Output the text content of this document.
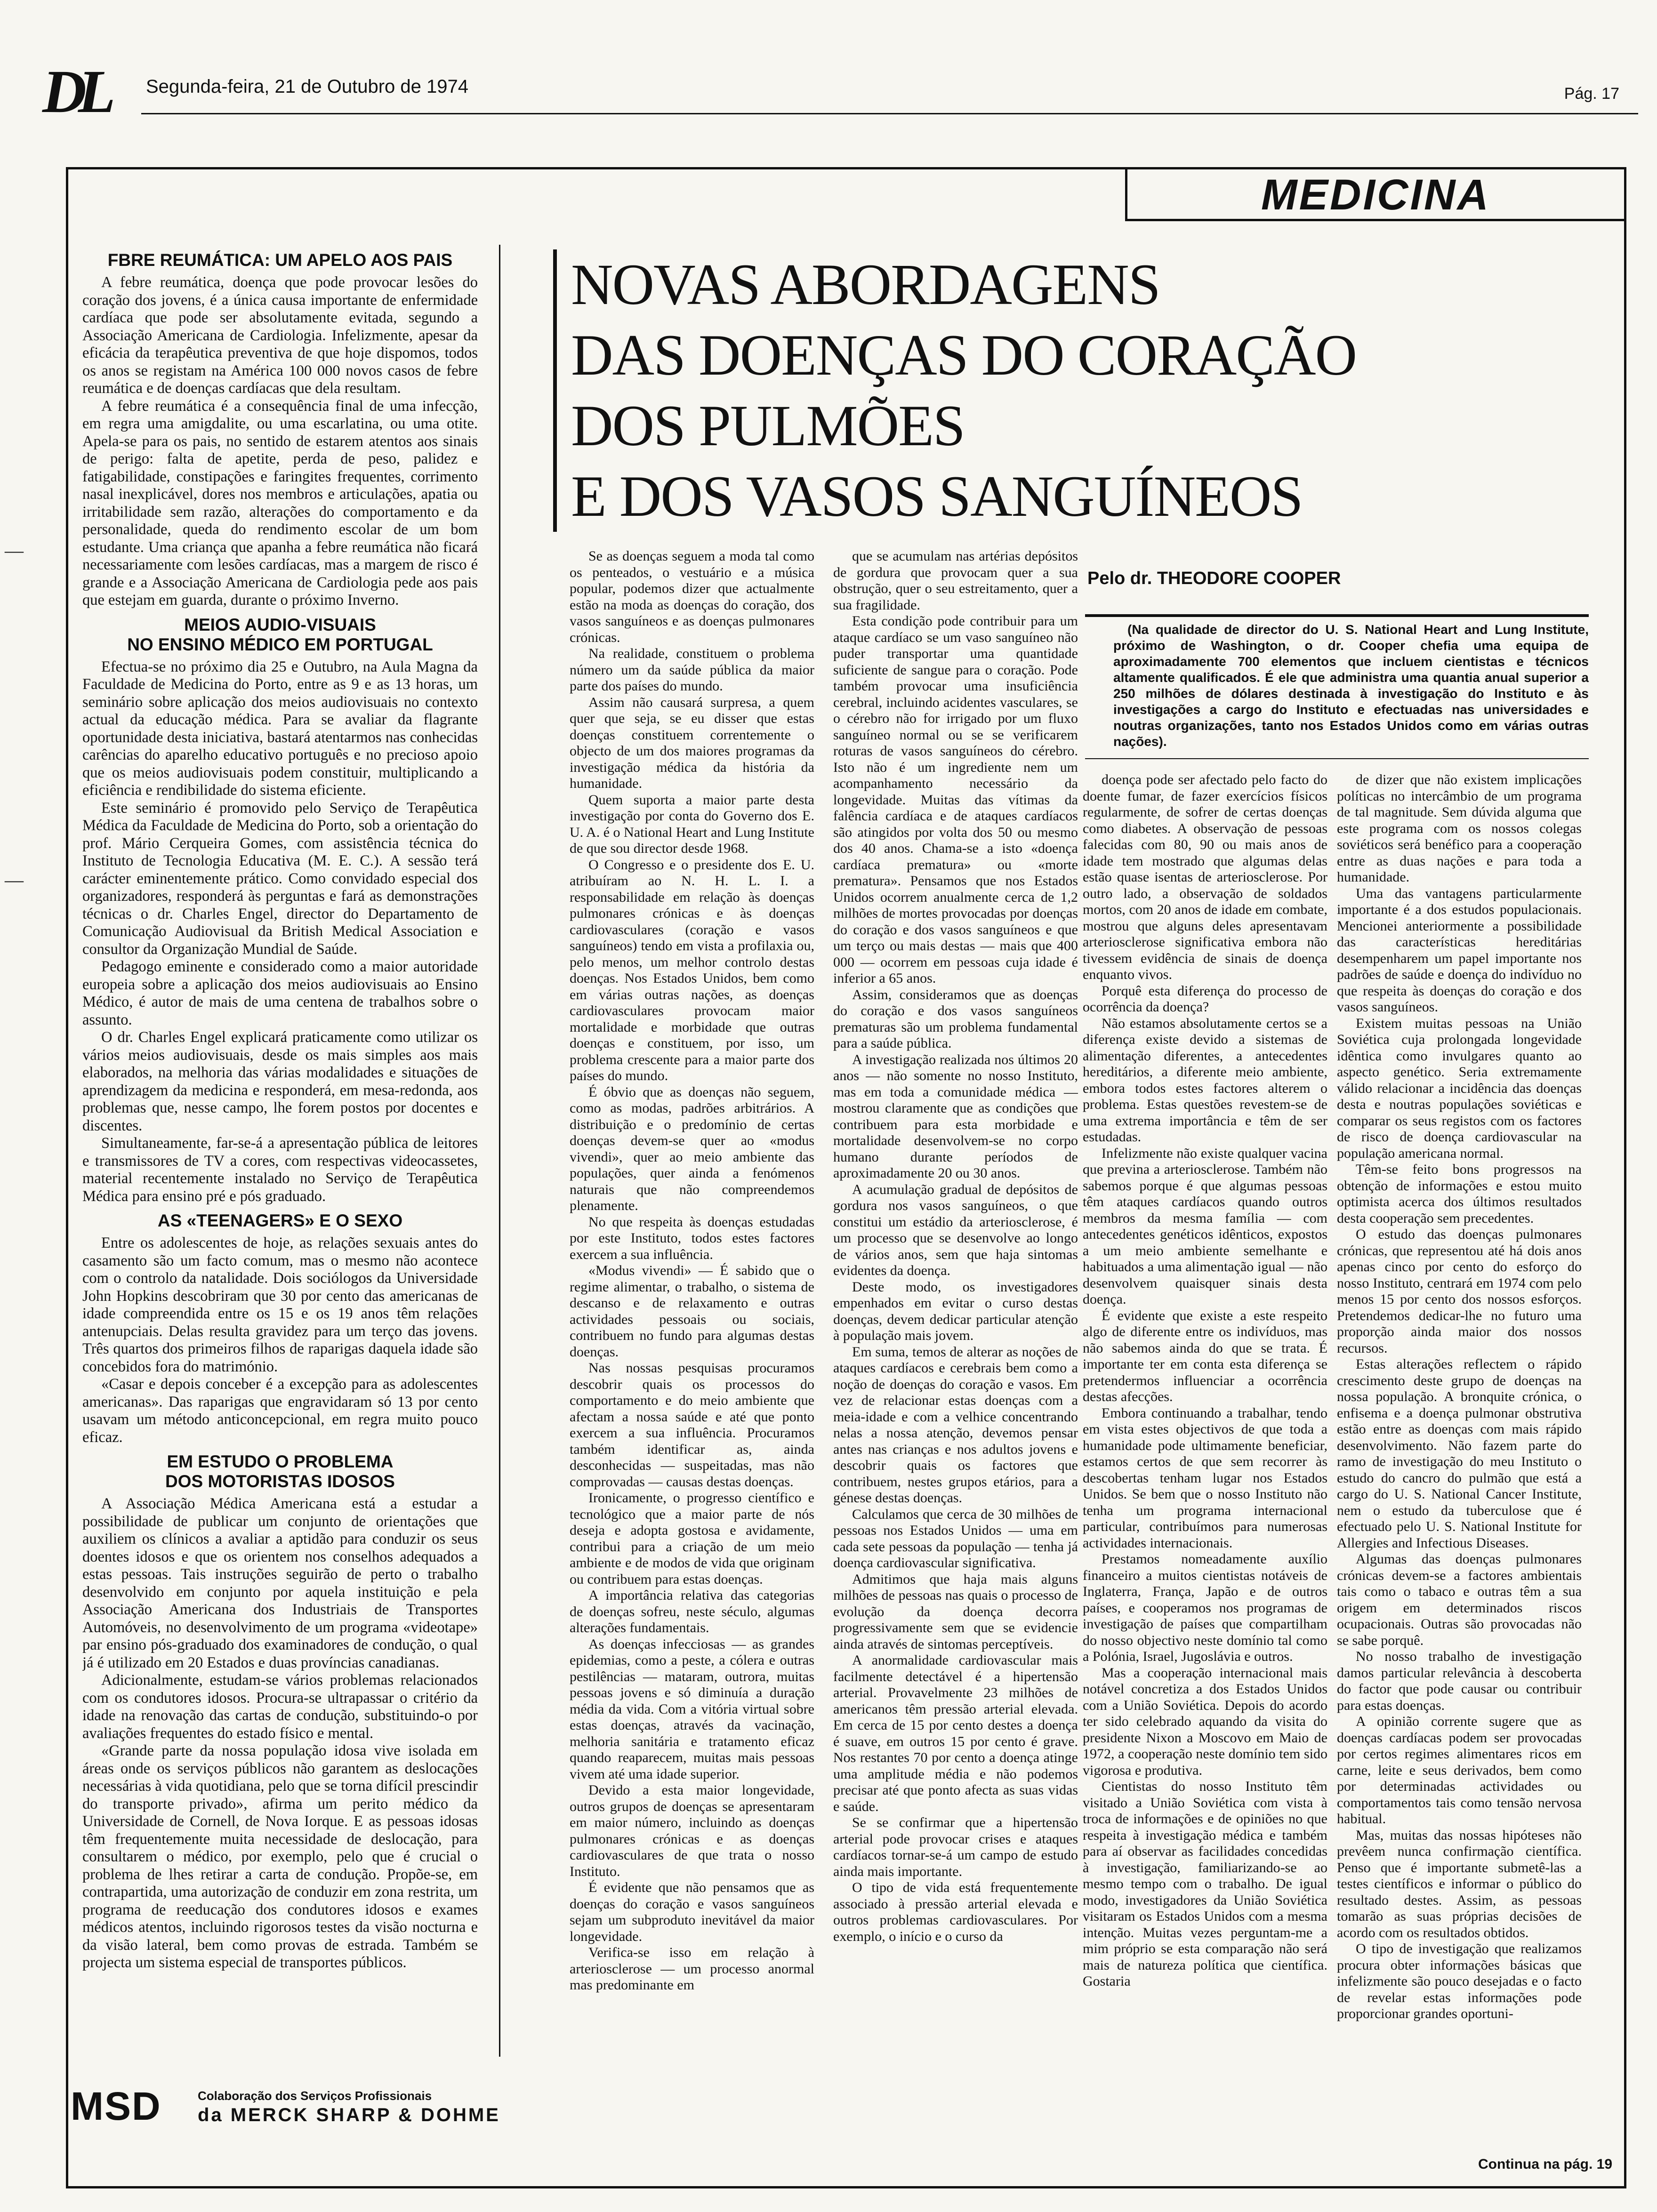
DL Segunda-feira, 21 de Outubro de 1974	Pág. 17
—
—
MEDICINA
FBRE REUMÁTICA: UM APELO AOS PAIS

A febre reumática, doença que pode provocar lesões do coração dos jovens, é a única causa importante de enfermidade cardíaca que pode ser absolutamente evitada, segundo a Associação Americana de Cardiologia. Infelizmente, apesar da eficácia da terapêutica preventiva de que hoje dispomos, todos os anos se registam na América 100 000 novos casos de febre reumática e de doenças cardíacas que dela resultam.

A febre reumática é a consequência final de uma infecção, em regra uma amigdalite, ou uma escarlatina, ou uma otite. Apela-se para os pais, no sentido de estarem atentos aos sinais de perigo: falta de apetite, perda de peso, palidez e fatigabilidade, constipações e faringites frequentes, corrimento nasal inexplicável, dores nos membros e articulações, apatia ou irritabilidade sem razão, alterações do comportamento e da personalidade, queda do rendimento escolar de um bom estudante. Uma criança que apanha a febre reumática não ficará necessariamente com lesões cardíacas, mas a margem de risco é grande e a Associação Americana de Cardiologia pede aos pais que estejam em guarda, durante o próximo Inverno.

MEIOS AUDIO-VISUAIS
NO ENSINO MÉDICO EM PORTUGAL

Efectua-se no próximo dia 25 e Outubro, na Aula Magna da Faculdade de Medicina do Porto, entre as 9 e as 13 horas, um seminário sobre aplicação dos meios audiovisuais no contexto actual da educação médica. Para se avaliar da flagrante oportunidade desta iniciativa, bastará atentarmos nas conhecidas carências do aparelho educativo português e no precioso apoio que os meios audiovisuais podem constituir, multiplicando a eficiência e rendibilidade do sistema eficiente.

Este seminário é promovido pelo Serviço de Terapêutica Médica da Faculdade de Medicina do Porto, sob a orientação do prof. Mário Cerqueira Gomes, com assistência técnica do Instituto de Tecnologia Educativa (M. E. C.). A sessão terá carácter eminentemente prático. Como convidado especial dos organizadores, responderá às perguntas e fará as demonstrações técnicas o dr. Charles Engel, director do Departamento de Comunicação Audiovisual da British Medical Association e consultor da Organização Mundial de Saúde.

Pedagogo eminente e considerado como a maior autoridade europeia sobre a aplicação dos meios audiovisuais ao Ensino Médico, é autor de mais de uma centena de trabalhos sobre o assunto.

O dr. Charles Engel explicará praticamente como utilizar os vários meios audiovisuais, desde os mais simples aos mais elaborados, na melhoria das várias modalidades e situações de aprendizagem da medicina e responderá, em mesa-redonda, aos problemas que, nesse campo, lhe forem postos por docentes e discentes.

Simultaneamente, far-se-á a apresentação pública de leitores e transmissores de TV a cores, com respectivas videocassetes, material recentemente instalado no Serviço de Terapêutica Médica para ensino pré e pós graduado.

AS «TEENAGERS» E O SEXO

Entre os adolescentes de hoje, as relações sexuais antes do casamento são um facto comum, mas o mesmo não acontece com o controlo da natalidade. Dois sociólogos da Universidade John Hopkins descobriram que 30 por cento das americanas de idade compreendida entre os 15 e os 19 anos têm relações antenupciais. Delas resulta gravidez para um terço das jovens. Três quartos dos primeiros filhos de raparigas daquela idade são concebidos fora do matrimónio.

«Casar e depois conceber é a excepção para as adolescentes americanas». Das raparigas que engravidaram só 13 por cento usavam um método anticoncepcional, em regra muito pouco eficaz.

EM ESTUDO O PROBLEMA
DOS MOTORISTAS IDOSOS

A Associação Médica Americana está a estudar a possibilidade de publicar um conjunto de orientações que auxiliem os clínicos a avaliar a aptidão para conduzir os seus doentes idosos e que os orientem nos conselhos adequados a estas pessoas. Tais instruções seguirão de perto o trabalho desenvolvido em conjunto por aquela instituição e pela Associação Americana dos Industriais de Transportes Automóveis, no desenvolvimento de um programa «videotape» par ensino pós-graduado dos examinadores de condução, o qual já é utilizado em 20 Estados e duas províncias canadianas.

Adicionalmente, estudam-se vários problemas relacionados com os condutores idosos. Procura-se ultrapassar o critério da idade na renovação das cartas de condução, substituindo-o por avaliações frequentes do estado físico e mental.

«Grande parte da nossa população idosa vive isolada em áreas onde os serviços públicos não garantem as deslocações necessárias à vida quotidiana, pelo que se torna difícil prescindir do transporte privado», afirma um perito médico da Universidade de Cornell, de Nova Iorque. E as pessoas idosas têm frequentemente muita necessidade de deslocação, para consultarem o médico, por exemplo, pelo que é crucial o problema de lhes retirar a carta de condução. Propõe-se, em contrapartida, uma autorização de conduzir em zona restrita, um programa de reeducação dos condutores idosos e exames médicos atentos, incluindo rigorosos testes da visão nocturna e da visão lateral, bem como provas de estrada. Também se projecta um sistema especial de transportes públicos.

NOVAS ABORDAGENS
DAS DOENÇAS DO CORAÇÃO
DOS PULMÕES
E DOS VASOS SANGUÍNEOS
Pelo dr. THEODORE COOPER

(Na qualidade de director do U. S. National Heart and Lung Institute, próximo de Washington, o dr. Cooper chefia uma equipa de aproximadamente 700 elementos que incluem cientistas e técnicos altamente qualificados. É ele que administra uma quantia anual superior a 250 milhões de dólares destinada à investigação do Instituto e às investigações a cargo do Instituto e efectuadas nas universidades e noutras organizações, tanto nos Estados Unidos como em várias outras nações).

Se as doenças seguem a moda tal como os penteados, o vestuário e a música popular, podemos dizer que actualmente estão na moda as doenças do coração, dos vasos sanguíneos e as doenças pulmonares crónicas.

Na realidade, constituem o problema número um da saúde pública da maior parte dos países do mundo.

Assim não causará surpresa, a quem quer que seja, se eu disser que estas doenças constituem correntemente o objecto de um dos maiores programas da investigação médica da história da humanidade.

Quem suporta a maior parte desta investigação por conta do Governo dos E. U. A. é o National Heart and Lung Institute de que sou director desde 1968.

O Congresso e o presidente dos E. U. atribuíram ao N. H. L. I. a responsabilidade em relação às doenças pulmonares crónicas e às doenças cardiovasculares (coração e vasos sanguíneos) tendo em vista a profilaxia ou, pelo menos, um melhor controlo destas doenças. Nos Estados Unidos, bem como em várias outras nações, as doenças cardiovasculares provocam maior mortalidade e morbidade que outras doenças e constituem, por isso, um problema crescente para a maior parte dos países do mundo.

É óbvio que as doenças não seguem, como as modas, padrões arbitrários. A distribuição e o predomínio de certas doenças devem-se quer ao «modus vivendi», quer ao meio ambiente das populações, quer ainda a fenómenos naturais que não compreendemos plenamente.

No que respeita às doenças estudadas por este Instituto, todos estes factores exercem a sua influência.

«Modus vivendi» — É sabido que o regime alimentar, o trabalho, o sistema de descanso e de relaxamento e outras actividades pessoais ou sociais, contribuem no fundo para algumas destas doenças.

Nas nossas pesquisas procuramos descobrir quais os processos do comportamento e do meio ambiente que afectam a nossa saúde e até que ponto exercem a sua influência. Procuramos também identificar as, ainda desconhecidas — suspeitadas, mas não comprovadas — causas destas doenças.

Ironicamente, o progresso científico e tecnológico que a maior parte de nós deseja e adopta gostosa e avidamente, contribui para a criação de um meio ambiente e de modos de vida que originam ou contribuem para estas doenças.

A importância relativa das categorias de doenças sofreu, neste século, algumas alterações fundamentais.

As doenças infecciosas — as grandes epidemias, como a peste, a cólera e outras pestilências — mataram, outrora, muitas pessoas jovens e só diminuía a duração média da vida. Com a vitória virtual sobre estas doenças, através da vacinação, melhoria sanitária e tratamento eficaz quando reaparecem, muitas mais pessoas vivem até uma idade superior.

Devido a esta maior longevidade, outros grupos de doenças se apresentaram em maior número, incluindo as doenças pulmonares crónicas e as doenças cardiovasculares de que trata o nosso Instituto.

É evidente que não pensamos que as doenças do coração e vasos sanguíneos sejam um subproduto inevitável da maior longevidade.

Verifica-se isso em relação à arteriosclerose — um processo anormal mas predominante em

que se acumulam nas artérias depósitos de gordura que provocam quer a sua obstrução, quer o seu estreitamento, quer a sua fragilidade.

Esta condição pode contribuir para um ataque cardíaco se um vaso sanguíneo não puder transportar uma quantidade suficiente de sangue para o coração. Pode também provocar uma insuficiência cerebral, incluindo acidentes vasculares, se o cérebro não for irrigado por um fluxo sanguíneo normal ou se se verificarem roturas de vasos sanguíneos do cérebro. Isto não é um ingrediente nem um acompanhamento necessário da longevidade. Muitas das vítimas da falência cardíaca e de ataques cardíacos são atingidos por volta dos 50 ou mesmo dos 40 anos. Chama-se a isto «doença cardíaca prematura» ou «morte prematura». Pensamos que nos Estados Unidos ocorrem anualmente cerca de 1,2 milhões de mortes provocadas por doenças do coração e dos vasos sanguíneos e que um terço ou mais destas — mais que 400 000 — ocorrem em pessoas cuja idade é inferior a 65 anos.

Assim, consideramos que as doenças do coração e dos vasos sanguíneos prematuras são um problema fundamental para a saúde pública.

A investigação realizada nos últimos 20 anos — não somente no nosso Instituto, mas em toda a comunidade médica — mostrou claramente que as condições que contribuem para esta morbidade e mortalidade desenvolvem-se no corpo humano durante períodos de aproximadamente 20 ou 30 anos.

A acumulação gradual de depósitos de gordura nos vasos sanguíneos, o que constitui um estádio da arteriosclerose, é um processo que se desenvolve ao longo de vários anos, sem que haja sintomas evidentes da doença.

Deste modo, os investigadores empenhados em evitar o curso destas doenças, devem dedicar particular atenção à população mais jovem.

Em suma, temos de alterar as noções de ataques cardíacos e cerebrais bem como a noção de doenças do coração e vasos. Em vez de relacionar estas doenças com a meia-idade e com a velhice concentrando nelas a nossa atenção, devemos pensar antes nas crianças e nos adultos jovens e descobrir quais os factores que contribuem, nestes grupos etários, para a génese destas doenças.

Calculamos que cerca de 30 milhões de pessoas nos Estados Unidos — uma em cada sete pessoas da população — tenha já doença cardiovascular significativa.

Admitimos que haja mais alguns milhões de pessoas nas quais o processo de evolução da doença decorra progressivamente sem que se evidencie ainda através de sintomas perceptíveis.

A anormalidade cardiovascular mais facilmente detectável é a hipertensão arterial. Provavelmente 23 milhões de americanos têm pressão arterial elevada. Em cerca de 15 por cento destes a doença é suave, em outros 15 por cento é grave. Nos restantes 70 por cento a doença atinge uma amplitude média e não podemos precisar até que ponto afecta as suas vidas e saúde.

Se se confirmar que a hipertensão arterial pode provocar crises e ataques cardíacos tornar-se-á um campo de estudo ainda mais importante.

O tipo de vida está frequentemente associado à pressão arterial elevada e outros problemas cardiovasculares. Por exemplo, o início e o curso da

doença pode ser afectado pelo facto do doente fumar, de fazer exercícios físicos regularmente, de sofrer de certas doenças como diabetes. A observação de pessoas falecidas com 80, 90 ou mais anos de idade tem mostrado que algumas delas estão quase isentas de arteriosclerose. Por outro lado, a observação de soldados mortos, com 20 anos de idade em combate, mostrou que alguns deles apresentavam arteriosclerose significativa embora não tivessem evidência de sinais de doença enquanto vivos.

Porquê esta diferença do processo de ocorrência da doença?

Não estamos absolutamente certos se a diferença existe devido a sistemas de alimentação diferentes, a antecedentes hereditários, a diferente meio ambiente, embora todos estes factores alterem o problema. Estas questões revestem-se de uma extrema importância e têm de ser estudadas.

Infelizmente não existe qualquer vacina que previna a arteriosclerose. Também não sabemos porque é que algumas pessoas têm ataques cardíacos quando outros membros da mesma família — com antecedentes genéticos idênticos, expostos a um meio ambiente semelhante e habituados a uma alimentação igual — não desenvolvem quaisquer sinais desta doença.

É evidente que existe a este respeito algo de diferente entre os indivíduos, mas não sabemos ainda do que se trata. É importante ter em conta esta diferença se pretendermos influenciar a ocorrência destas afecções.

Embora continuando a trabalhar, tendo em vista estes objectivos de que toda a humanidade pode ultimamente beneficiar, estamos certos de que sem recorrer às descobertas tenham lugar nos Estados Unidos. Se bem que o nosso Instituto não tenha um programa internacional particular, contribuímos para numerosas actividades internacionais.

Prestamos nomeadamente auxílio financeiro a muitos cientistas notáveis de Inglaterra, França, Japão e de outros países, e cooperamos nos programas de investigação de países que compartilham do nosso objectivo neste domínio tal como a Polónia, Israel, Jugoslávia e outros.

Mas a cooperação internacional mais notável concretiza a dos Estados Unidos com a União Soviética. Depois do acordo ter sido celebrado aquando da visita do presidente Nixon a Moscovo em Maio de 1972, a cooperação neste domínio tem sido vigorosa e produtiva.

Cientistas do nosso Instituto têm visitado a União Soviética com vista à troca de informações e de opiniões no que respeita à investigação médica e também para aí observar as facilidades concedidas à investigação, familiarizando-se ao mesmo tempo com o trabalho. De igual modo, investigadores da União Soviética visitaram os Estados Unidos com a mesma intenção. Muitas vezes perguntam-me a mim próprio se esta comparação não será mais de natureza política que científica. Gostaria

de dizer que não existem implicações políticas no intercâmbio de um programa de tal magnitude. Sem dúvida alguma que este programa com os nossos colegas soviéticos será benéfico para a cooperação entre as duas nações e para toda a humanidade.

Uma das vantagens particularmente importante é a dos estudos populacionais. Mencionei anteriormente a possibilidade das características hereditárias desempenharem um papel importante nos padrões de saúde e doença do indivíduo no que respeita às doenças do coração e dos vasos sanguíneos.

Existem muitas pessoas na União Soviética cuja prolongada longevidade idêntica como invulgares quanto ao aspecto genético. Seria extremamente válido relacionar a incidência das doenças desta e noutras populações soviéticas e comparar os seus registos com os factores de risco de doença cardiovascular na população americana normal.

Têm-se feito bons progressos na obtenção de informações e estou muito optimista acerca dos últimos resultados desta cooperação sem precedentes.

O estudo das doenças pulmonares crónicas, que representou até há dois anos apenas cinco por cento do esforço do nosso Instituto, centrará em 1974 com pelo menos 15 por cento dos nossos esforços. Pretendemos dedicar-lhe no futuro uma proporção ainda maior dos nossos recursos.

Estas alterações reflectem o rápido crescimento deste grupo de doenças na nossa população. A bronquite crónica, o enfisema e a doença pulmonar obstrutiva estão entre as doenças com mais rápido desenvolvimento. Não fazem parte do ramo de investigação do meu Instituto o estudo do cancro do pulmão que está a cargo do U. S. National Cancer Institute, nem o estudo da tuberculose que é efectuado pelo U. S. National Institute for Allergies and Infectious Diseases.

Algumas das doenças pulmonares crónicas devem-se a factores ambientais tais como o tabaco e outras têm a sua origem em determinados riscos ocupacionais. Outras são provocadas não se sabe porquê.

No nosso trabalho de investigação damos particular relevância à descoberta do factor que pode causar ou contribuir para estas doenças.

A opinião corrente sugere que as doenças cardíacas podem ser provocadas por certos regimes alimentares ricos em carne, leite e seus derivados, bem como por determinadas actividades ou comportamentos tais como tensão nervosa habitual.

Mas, muitas das nossas hipóteses não prevêem nunca confirmação científica. Penso que é importante submetê-las a testes científicos e informar o público do resultado destes. Assim, as pessoas tomarão as suas próprias decisões de acordo com os resultados obtidos.

O tipo de investigação que realizamos procura obter informações básicas que infelizmente são pouco desejadas e o facto de revelar estas informações pode proporcionar grandes oportuni-

Continua na pág. 19
MSD	Colaboração dos Serviços Profissionais
da MERCK SHARP & DOHME
